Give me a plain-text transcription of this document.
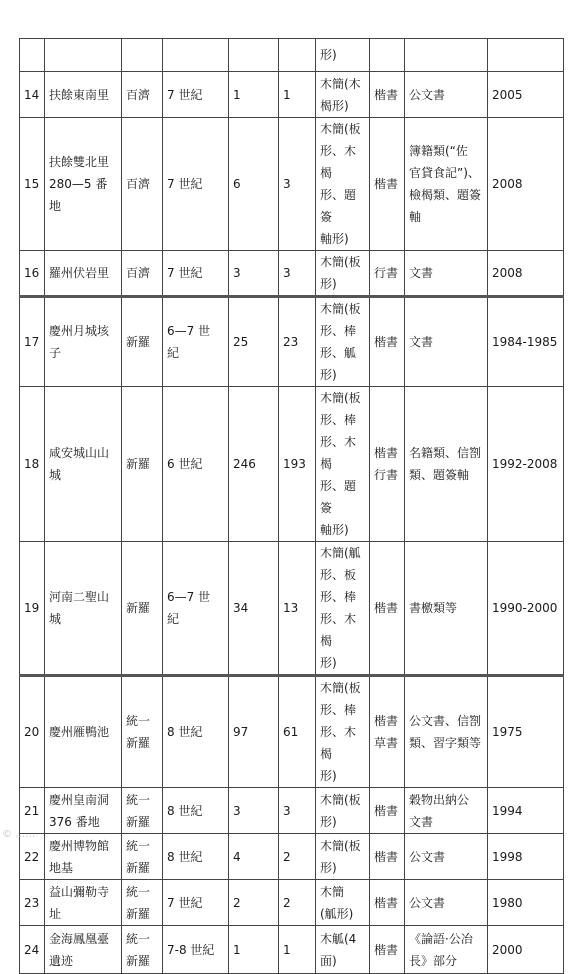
						形)			

14	扶餘東南里	百濟	7 世紀	1	1	木簡(木
楬形)	楷書	公文書	2005

15	扶餘雙北里
280—5 番地	百濟	7 世紀	6	3	木簡(板
形、木楬
形、題簽
軸形)	楷書	簿籍類(“佐
官貸食記”)、
檢楬類、題簽
軸	2008

16	羅州伏岩里	百濟	7 世紀	3	3	木簡(板
形)	行書	文書	2008

17	慶州月城垓
子	新羅	6—7 世
紀	25	23	木簡(板
形、棒
形、觚
形)	楷書	文書	1984-1985

18	咸安城山山
城	新羅	6 世紀	246	193	木簡(板
形、棒
形、木楬
形、題簽
軸形)	楷書
行書	名籍類、信劄
類、題簽軸	1992-2008

19	河南二聖山
城	新羅	6—7 世
紀	34	13	木簡(觚
形、板
形、棒
形、木楬
形)	楷書	書檄類等	1990-2000

20	慶州雁鴨池	統一
新羅	8 世紀	97	61	木簡(板
形、棒
形、木楬
形)	楷書
草書	公文書、信劄
類、習字類等	1975

21	慶州皇南洞
376 番地	統一
新羅	8 世紀	3	3	木簡(板
形)	楷書	穀物出納公
文書	1994

22	慶州博物館
地基	統一
新羅	8 世紀	4	2	木簡(板形)	楷書	公文書	1998

23	益山彌勒寺
址	統一
新羅	7 世紀	2	2	木簡
(觚形)	楷書	公文書	1980

24	金海鳳凰臺
遺迹	統一
新羅	7-8 世紀	1	1	木觚(4
面)	楷書	《論語·公冶
長》部分	2000
© ……
